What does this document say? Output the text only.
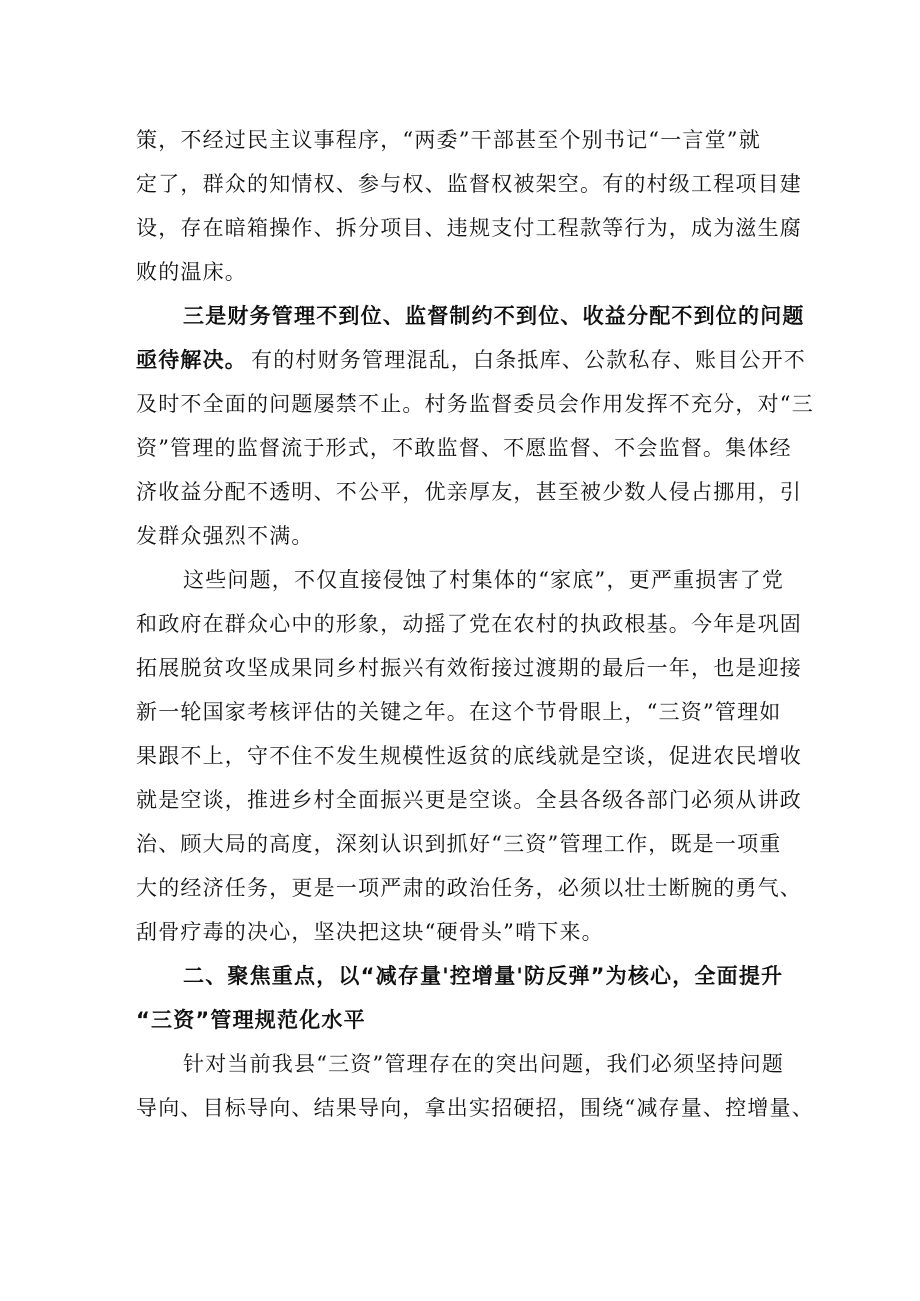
策，不经过民主议事程序，“两委”干部甚至个别书记“一言堂”就
定了，群众的知情权、参与权、监督权被架空。有的村级工程项目建
设，存在暗箱操作、拆分项目、违规支付工程款等行为，成为滋生腐
败的温床。
三是财务管理不到位、监督制约不到位、收益分配不到位的问题
亟待解决。 有的村财务管理混乱，白条抵库、公款私存、账目公开不
及时不全面的问题屡禁不止。村务监督委员会作用发挥不充分，对“三
资”管理的监督流于形式，不敢监督、不愿监督、不会监督。集体经
济收益分配不透明、不公平，优亲厚友，甚至被少数人侵占挪用，引
发群众强烈不满。
这些问题，不仅直接侵蚀了村集体的“家底”，更严重损害了党
和政府在群众心中的形象，动摇了党在农村的执政根基。今年是巩固
拓展脱贫攻坚成果同乡村振兴有效衔接过渡期的最后一年，也是迎接
新一轮国家考核评估的关键之年。在这个节骨眼上，“三资”管理如
果跟不上，守不住不发生规模性返贫的底线就是空谈，促进农民增收
就是空谈，推进乡村全面振兴更是空谈。全县各级各部门必须从讲政
治、顾大局的高度，深刻认识到抓好“三资”管理工作，既是一项重
大的经济任务，更是一项严肃的政治任务，必须以壮士断腕的勇气、
刮骨疗毒的决心，坚决把这块“硬骨头”啃下来。
二、聚焦重点，以“减存量'控增量'防反弹”为核心，全面提升
“三资”管理规范化水平
针对当前我县“三资”管理存在的突出问题，我们必须坚持问题
导向、目标导向、结果导向，拿出实招硬招，围绕“减存量、控增量、
